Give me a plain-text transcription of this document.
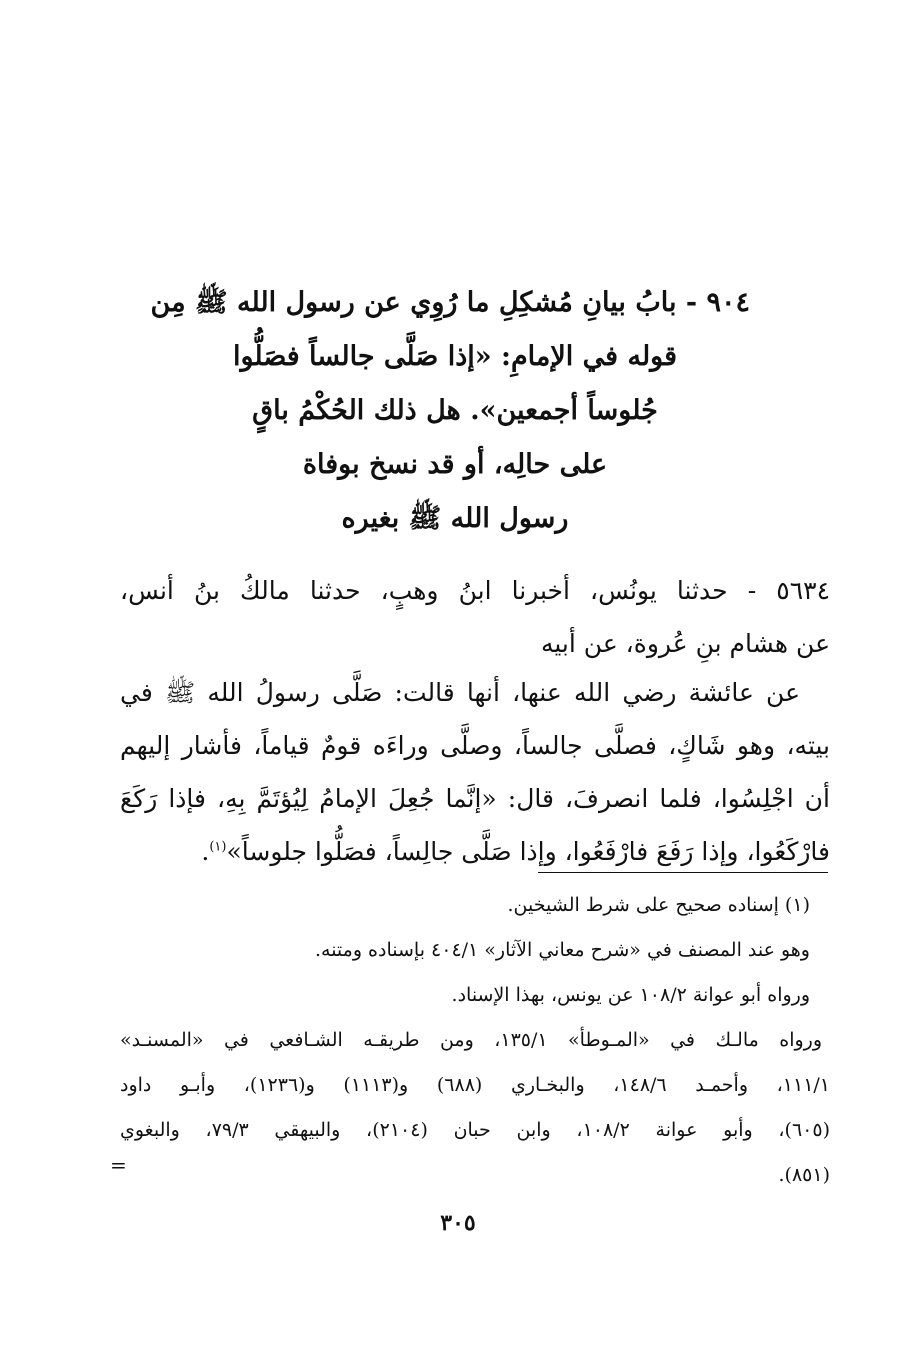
٩٠٤ - بابُ بيانِ مُشكِلِ ما رُوِي عن رسول الله ﷺ مِن
قوله في الإمامِ: «إذا صَلَّى جالساً فصَلُّوا
جُلوساً أجمعين». هل ذلك الحُكْمُ باقٍ
على حالِه، أو قد نسخ بوفاة
رسول الله ﷺ بغيره
٥٦٣٤ - حدثنا يونُس، أخبرنا ابنُ وهبٍ، حدثنا مالكُ بنُ أنس،
عن هشام بنِ عُروة، عن أبيه
عن عائشة رضي الله عنها، أنها قالت: صَلَّى رسولُ الله ﷺ في
بيته، وهو شَاكٍ، فصلَّى جالساً، وصلَّى وراءَه قومٌ قياماً، فأشار إليهم
أن اجْلِسُوا، فلما انصرفَ، قال: «إنَّما جُعِلَ الإمامُ لِيُؤتَمَّ بِهِ، فإذا رَكَعَ
فارْكَعُوا، وإذا رَفَعَ فارْفَعُوا، وإذا صَلَّى جالِساً، فصَلُّوا جلوساً»$^{(١)}$.
(١) إسناده صحيح على شرط الشيخين.
وهو عند المصنف في «شرح معاني الآثار» ٤٠٤/١ بإسناده ومتنه.
ورواه أبو عوانة ١٠٨/٢ عن يونس، بهذا الإسناد.
ورواه مالـك في «المـوطأ» ١٣٥/١، ومن طريقـه الشـافعي في «المسنـد»
١١١/١، وأحمـد ١٤٨/٦، والبخـاري (٦٨٨) و(١١١٣) و(١٢٣٦)، وأبـو داود
(٦٠٥)، وأبو عوانة ١٠٨/٢، وابن حبان (٢١٠٤)، والبيهقي ٧٩/٣، والبغوي
(٨٥١).
=
٣٠٥
